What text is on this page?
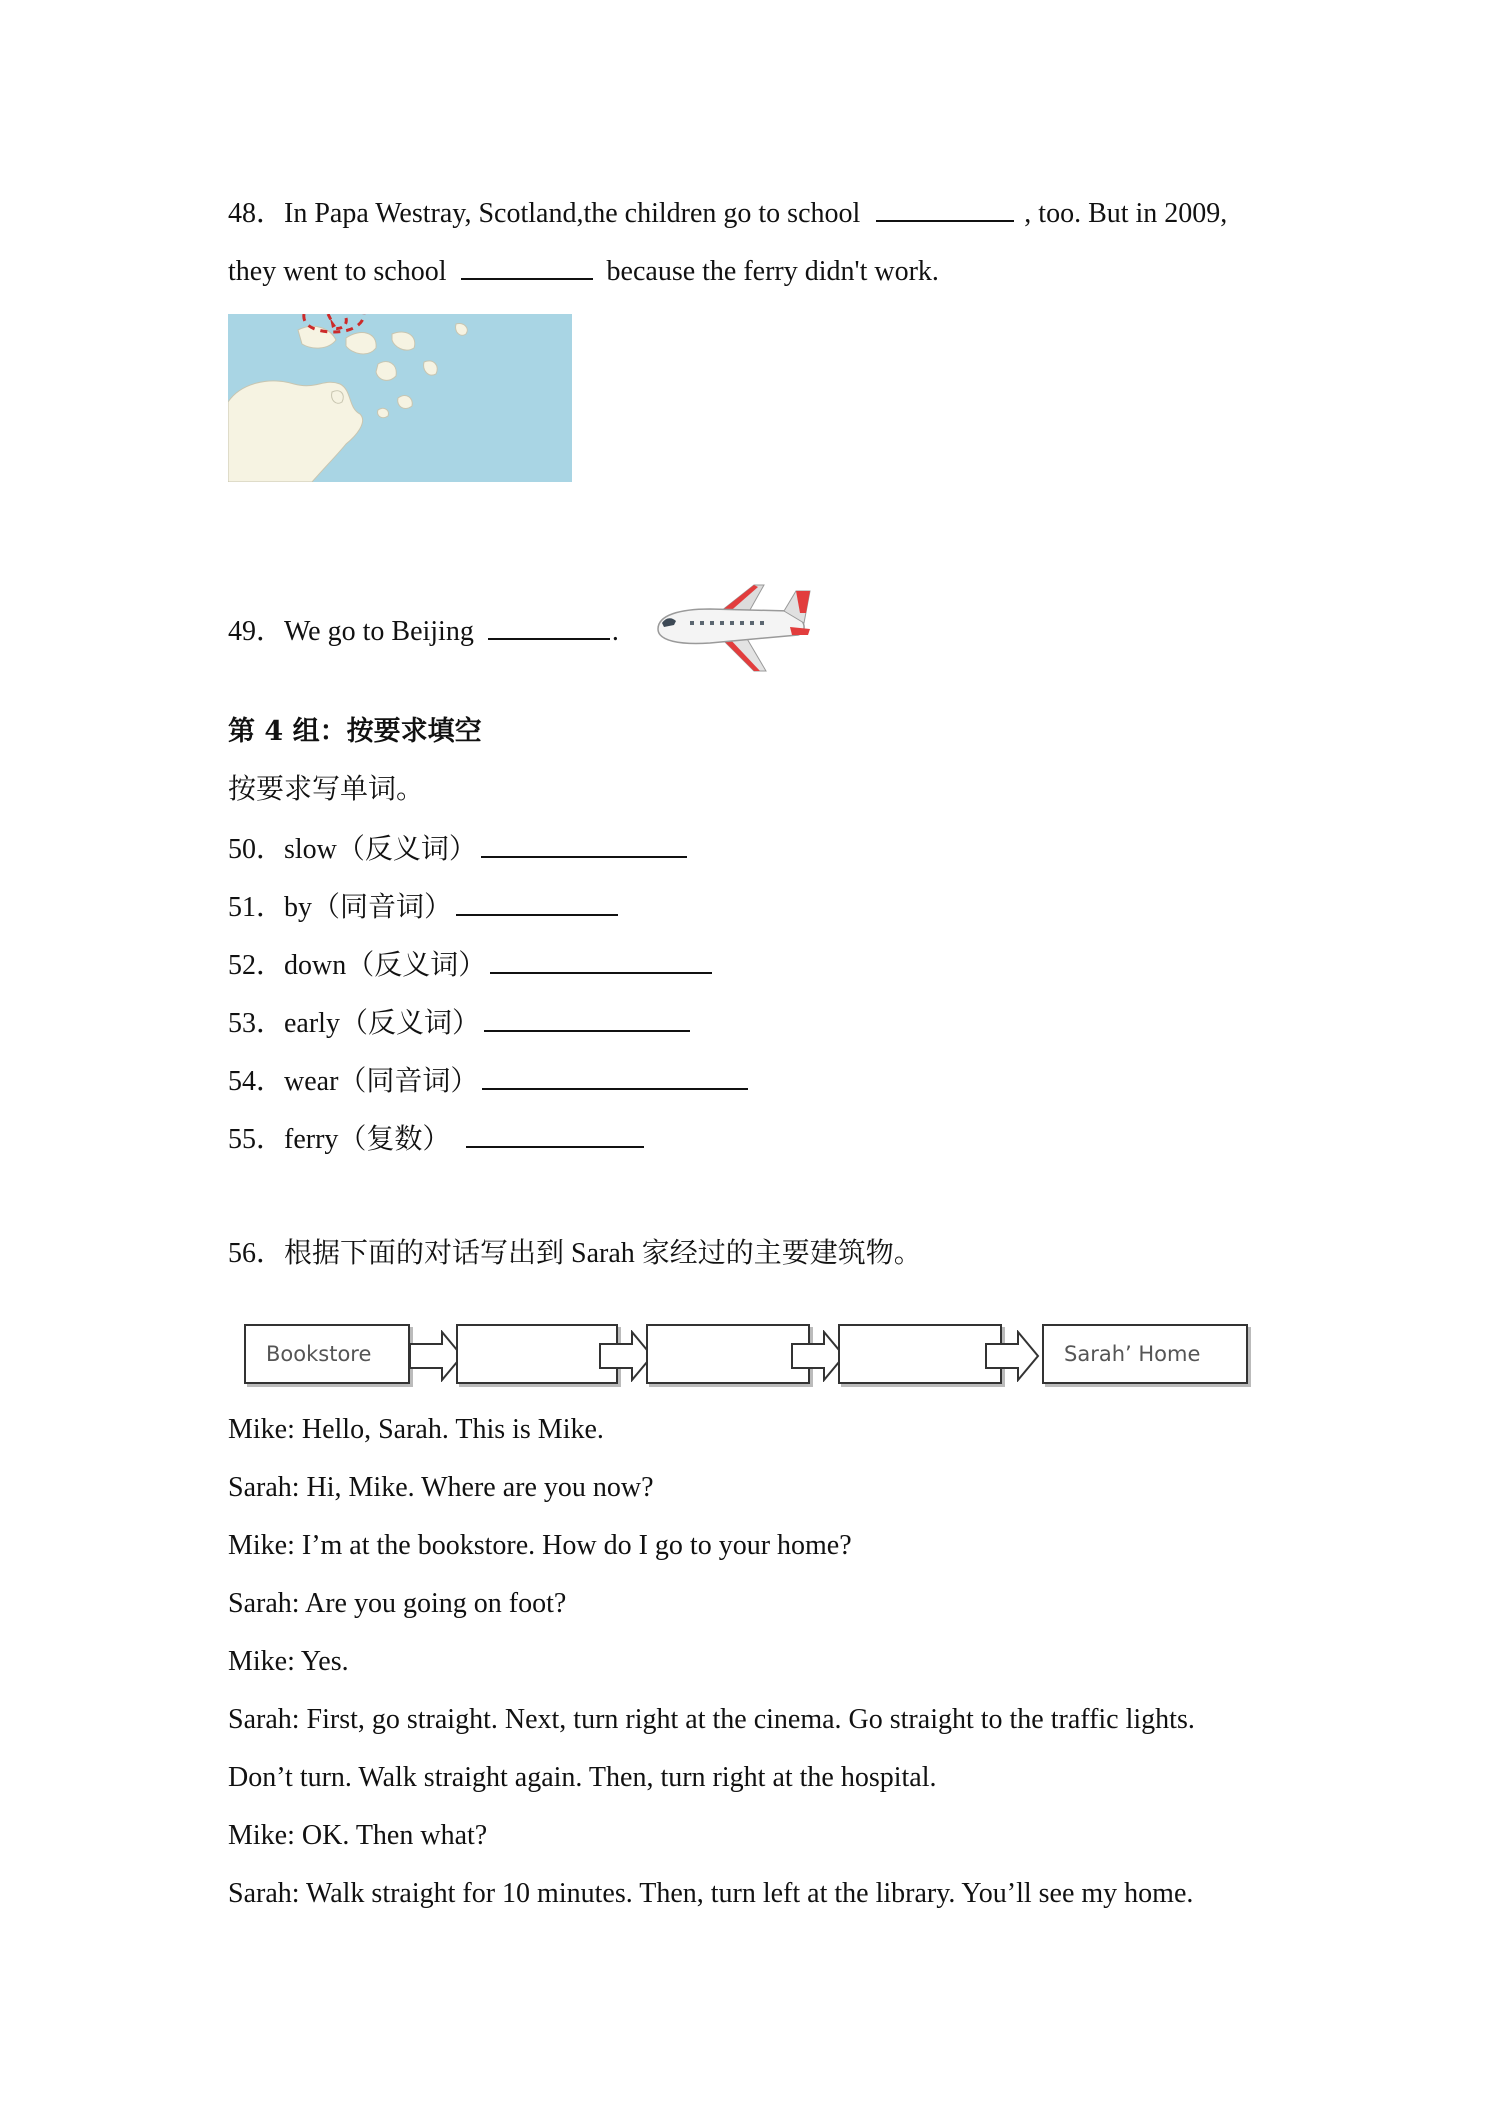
48．In Papa Westray, Scotland,the children go to school	, too. But in 2009,
they went to school	because the ferry didn't work.
49．We go to Beijing	.
第 4 组：按要求填空
按要求写单词。
50．slow（反义词）
51．by（同音词）
52．down（反义词）
53．early（反义词）
54．wear（同音词）
55．ferry（复数）
56．根据下面的对话写出到 Sarah 家经过的主要建筑物。
Bookstore	Sarah’ Home
Mike: Hello, Sarah. This is Mike.
Sarah: Hi, Mike. Where are you now?
Mike: I’m at the bookstore. How do I go to your home?
Sarah: Are you going on foot?
Mike: Yes.
Sarah: First, go straight. Next, turn right at the cinema. Go straight to the traffic lights.
Don’t turn. Walk straight again. Then, turn right at the hospital.
Mike: OK. Then what?
Sarah: Walk straight for 10 minutes. Then, turn left at the library. You’ll see my home.
